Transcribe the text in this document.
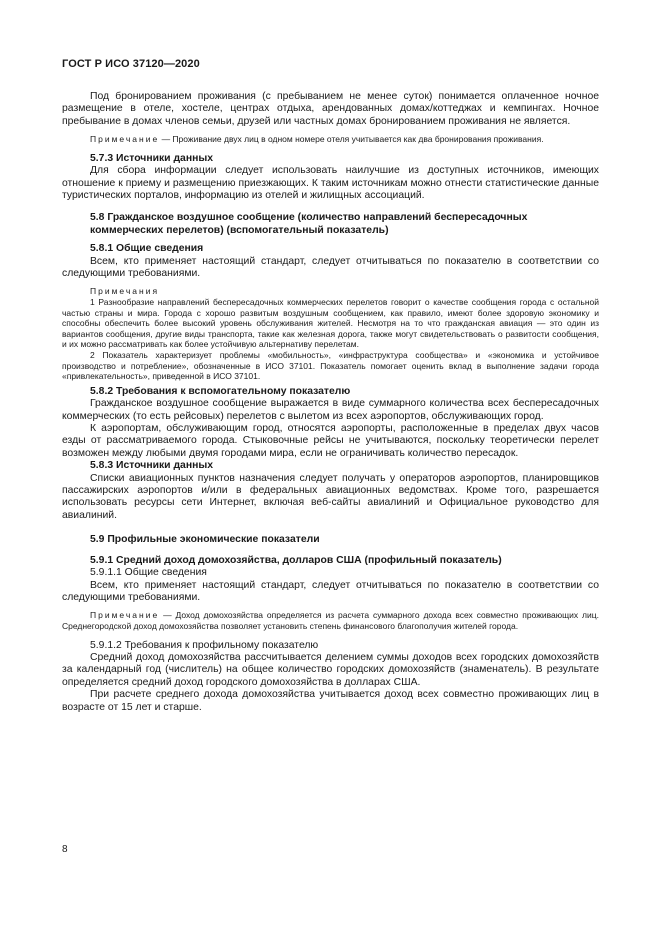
ГОСТ Р ИСО 37120—2020

Под бронированием проживания (с пребыванием не менее суток) понимается оплаченное ночное размещение в отеле, хостеле, центрах отдыха, арендованных домах/коттеджах и кемпингах. Ночное пребывание в домах членов семьи, друзей или частных домах бронированием проживания не является.

Примечание — Проживание двух лиц в одном номере отеля учитывается как два бронирования проживания.

5.7.3 Источники данных

Для сбора информации следует использовать наилучшие из доступных источников, имеющих отношение к приему и размещению приезжающих. К таким источникам можно отнести статистические данные туристических порталов, информацию из отелей и жилищных ассоциаций.

5.8 Гражданское воздушное сообщение (количество направлений беспересадочных коммерческих перелетов) (вспомогательный показатель)

5.8.1 Общие сведения

Всем, кто применяет настоящий стандарт, следует отчитываться по показателю в соответствии со следующими требованиями.

Примечания

1 Разнообразие направлений беспересадочных коммерческих перелетов говорит о качестве сообщения города с остальной частью страны и мира. Города с хорошо развитым воздушным сообщением, как правило, имеют более здоровую экономику и способны обеспечить более высокий уровень обслуживания жителей. Несмотря на то что гражданская авиация — это один из вариантов сообщения, другие виды транспорта, такие как железная дорога, также могут свидетельствовать о развитости сообщения, и их можно рассматривать как более устойчивую альтернативу перелетам.

2 Показатель характеризует проблемы «мобильность», «инфраструктура сообщества» и «экономика и устойчивое производство и потребление», обозначенные в ИСО 37101. Показатель помогает оценить вклад в выполнение задачи города «привлекательность», приведенной в ИСО 37101.

5.8.2 Требования к вспомогательному показателю

Гражданское воздушное сообщение выражается в виде суммарного количества всех беспересадочных коммерческих (то есть рейсовых) перелетов с вылетом из всех аэропортов, обслуживающих город.

К аэропортам, обслуживающим город, относятся аэропорты, расположенные в пределах двух часов езды от рассматриваемого города. Стыковочные рейсы не учитываются, поскольку теоретически перелет возможен между любыми двумя городами мира, если не ограничивать количество пересадок.

5.8.3 Источники данных

Списки авиационных пунктов назначения следует получать у операторов аэропортов, планировщиков пассажирских аэропортов и/или в федеральных авиационных ведомствах. Кроме того, разрешается использовать ресурсы сети Интернет, включая веб-сайты авиалиний и Официальное руководство для авиалиний.

5.9 Профильные экономические показатели

5.9.1 Средний доход домохозяйства, долларов США (профильный показатель)

5.9.1.1 Общие сведения

Всем, кто применяет настоящий стандарт, следует отчитываться по показателю в соответствии со следующими требованиями.

Примечание — Доход домохозяйства определяется из расчета суммарного дохода всех совместно проживающих лиц. Среднегородской доход домохозяйства позволяет установить степень финансового благополучия жителей города.

5.9.1.2 Требования к профильному показателю

Средний доход домохозяйства рассчитывается делением суммы доходов всех городских домохозяйств за календарный год (числитель) на общее количество городских домохозяйств (знаменатель). В результате определяется средний доход городского домохозяйства в долларах США.

При расчете среднего дохода домохозяйства учитывается доход всех совместно проживающих лиц в возрасте от 15 лет и старше.

8
